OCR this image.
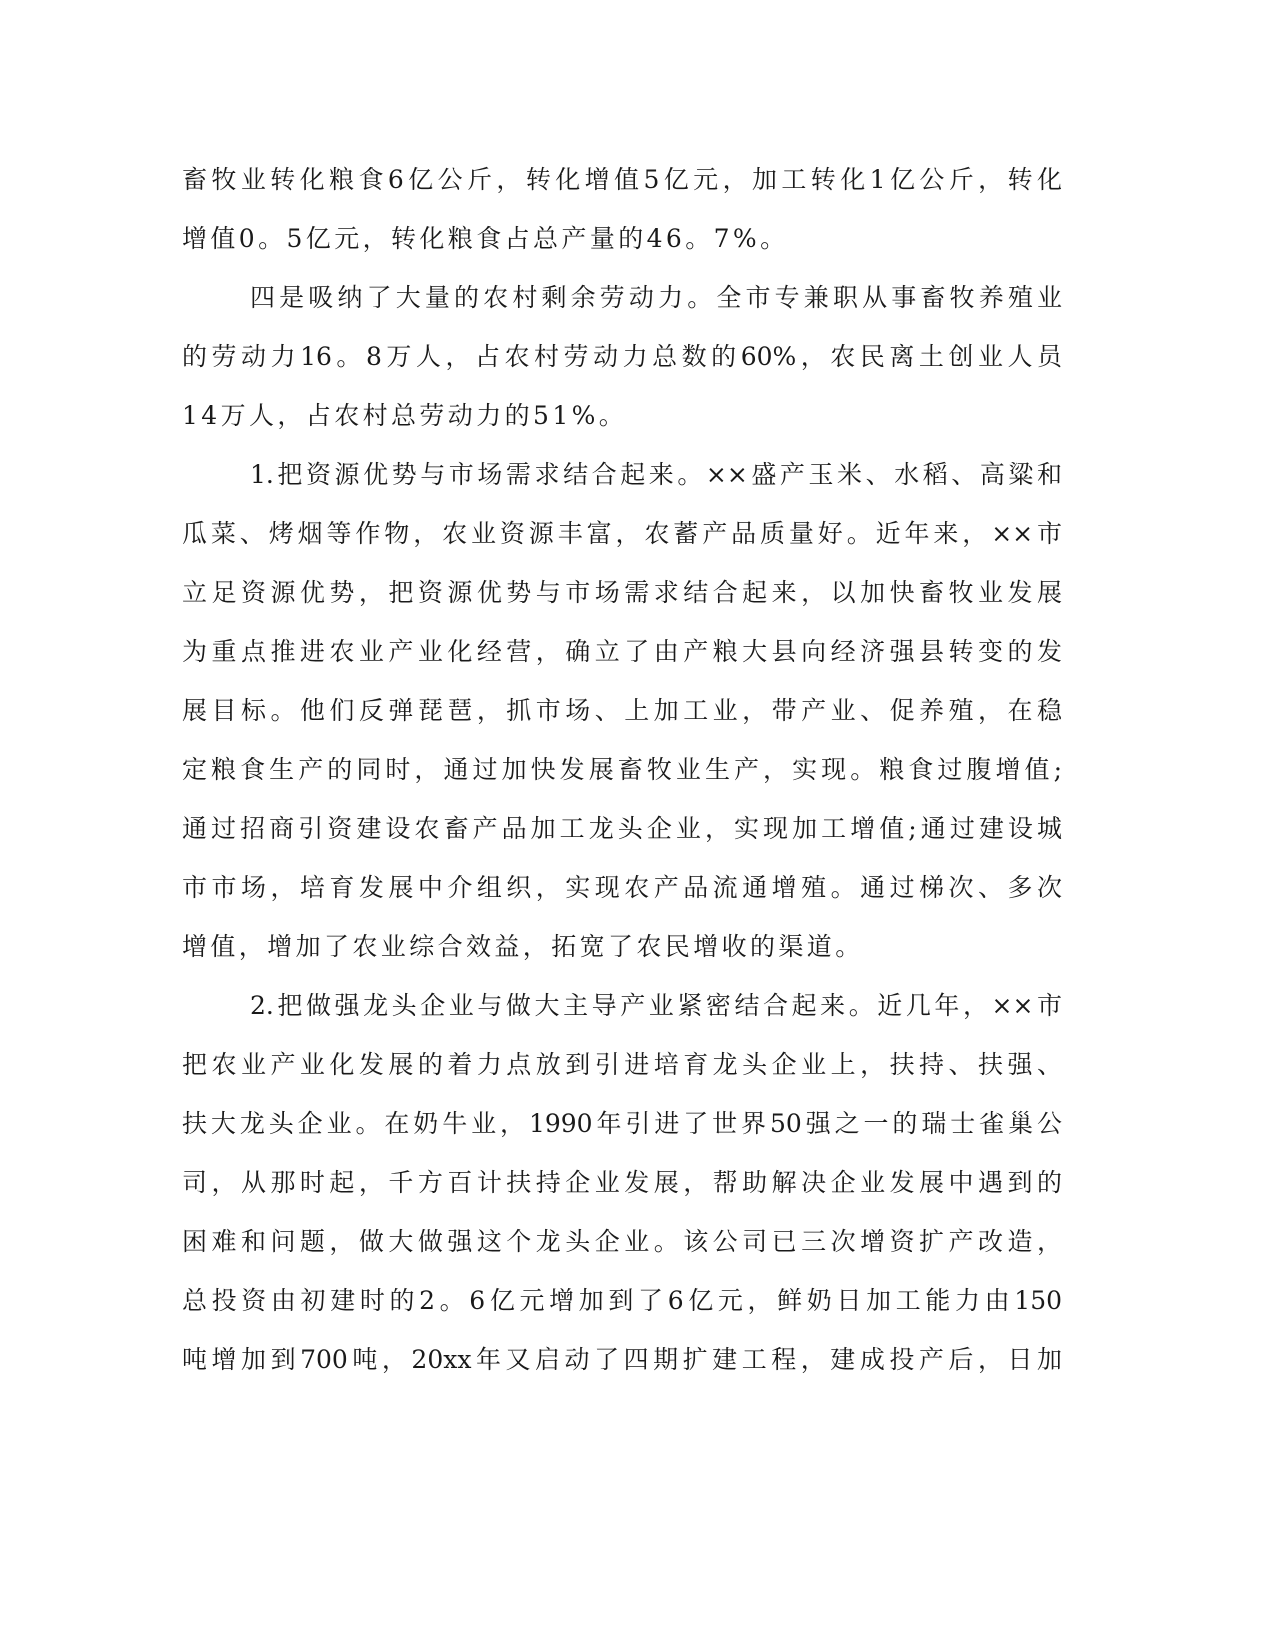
畜牧业转化粮食6亿公斤，转化增值5亿元，加工转化1亿公斤，转化
增值0。5亿元，转化粮食占总产量的46。7%。
四是吸纳了大量的农村剩余劳动力。全市专兼职从事畜牧养殖业
的劳动力16。8万人，占农村劳动力总数的60%，农民离土创业人员
14万人，占农村总劳动力的51%。
1.把资源优势与市场需求结合起来。××盛产玉米、水稻、高粱和
瓜菜、烤烟等作物，农业资源丰富，农蓄产品质量好。近年来，××市
立足资源优势，把资源优势与市场需求结合起来，以加快畜牧业发展
为重点推进农业产业化经营，确立了由产粮大县向经济强县转变的发
展目标。他们反弹琵琶，抓市场、上加工业，带产业、促养殖，在稳
定粮食生产的同时，通过加快发展畜牧业生产，实现。粮食过腹增值;
通过招商引资建设农畜产品加工龙头企业，实现加工增值;通过建设城
市市场，培育发展中介组织，实现农产品流通增殖。通过梯次、多次
增值，增加了农业综合效益，拓宽了农民增收的渠道。
2.把做强龙头企业与做大主导产业紧密结合起来。近几年，××市
把农业产业化发展的着力点放到引进培育龙头企业上，扶持、扶强、
扶大龙头企业。在奶牛业，1990年引进了世界50强之一的瑞士雀巢公
司，从那时起，千方百计扶持企业发展，帮助解决企业发展中遇到的
困难和问题，做大做强这个龙头企业。该公司已三次增资扩产改造，
总投资由初建时的2。6亿元增加到了6亿元，鲜奶日加工能力由150
吨增加到700吨，20xx年又启动了四期扩建工程，建成投产后，日加
